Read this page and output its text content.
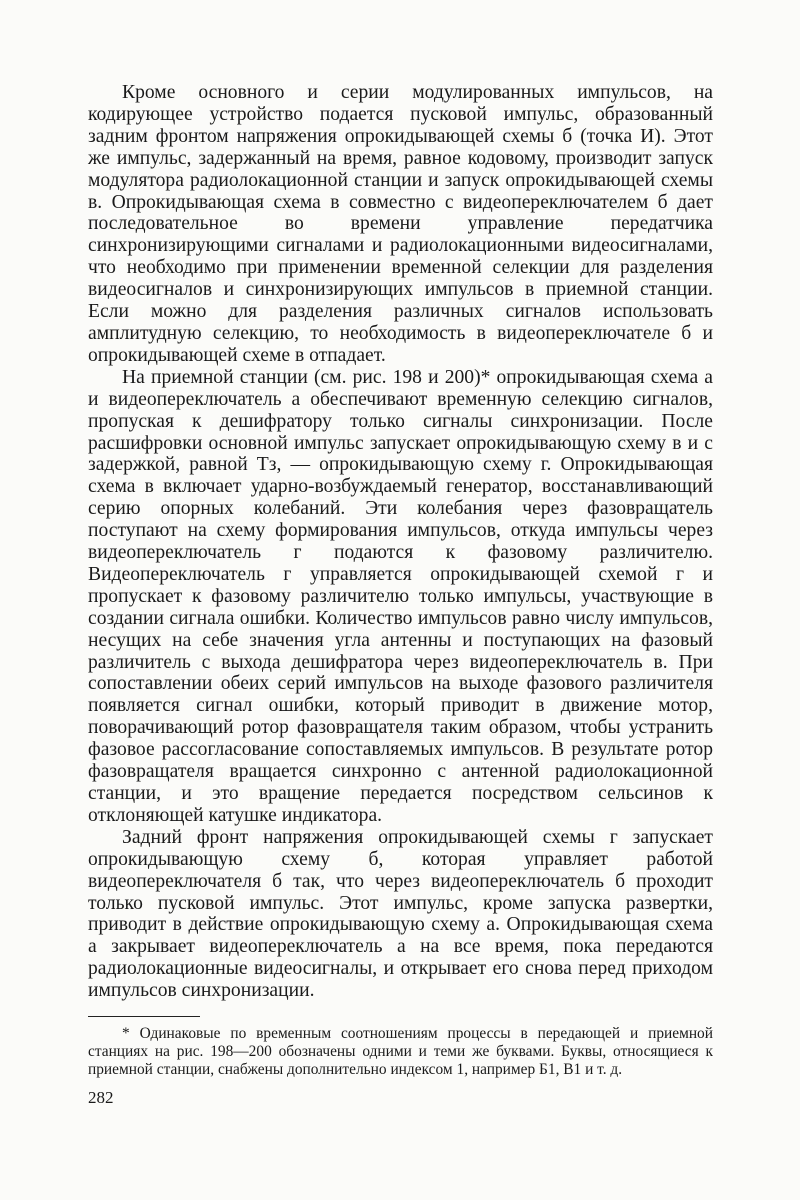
Кроме основного и серии модулированных импульсов, на кодирующее устройство подается пусковой импульс, образованный задним фронтом напряжения опрокидывающей схемы б (точка И). Этот же импульс, задержанный на время, равное кодовому, производит запуск модулятора радиолокационной станции и запуск опрокидывающей схемы в. Опрокидывающая схема в совместно с видеопереключателем б дает последовательное во времени управление передатчика синхронизирующими сигналами и радиолокационными видеосигналами, что необходимо при применении временной селекции для разделения видеосигналов и синхронизирующих импульсов в приемной станции. Если можно для разделения различных сигналов использовать амплитудную селекцию, то необходимость в видеопереключателе б и опрокидывающей схеме в отпадает.

На приемной станции (см. рис. 198 и 200)* опрокидывающая схема а и видеопереключатель а обеспечивают временную селекцию сигналов, пропуская к дешифратору только сигналы синхронизации. После расшифровки основной импульс запускает опрокидывающую схему в и с задержкой, равной Tз, — опрокидывающую схему г. Опрокидывающая схема в включает ударно-возбуждаемый генератор, восстанавливающий серию опорных колебаний. Эти колебания через фазовращатель поступают на схему формирования импульсов, откуда импульсы через видеопереключатель г подаются к фазовому различителю. Видеопереключатель г управляется опрокидывающей схемой г и пропускает к фазовому различителю только импульсы, участвующие в создании сигнала ошибки. Количество импульсов равно числу импульсов, несущих на себе значения угла антенны и поступающих на фазовый различитель с выхода дешифратора через видеопереключатель в. При сопоставлении обеих серий импульсов на выходе фазового различителя появляется сигнал ошибки, который приводит в движение мотор, поворачивающий ротор фазовращателя таким образом, чтобы устранить фазовое рассогласование сопоставляемых импульсов. В результате ротор фазовращателя вращается синхронно с антенной радиолокационной станции, и это вращение передается посредством сельсинов к отклоняющей катушке индикатора.

Задний фронт напряжения опрокидывающей схемы г запускает опрокидывающую схему б, которая управляет работой видеопереключателя б так, что через видеопереключатель б проходит только пусковой импульс. Этот импульс, кроме запуска развертки, приводит в действие опрокидывающую схему а. Опрокидывающая схема а закрывает видеопереключатель а на все время, пока передаются радиолокационные видеосигналы, и открывает его снова перед приходом импульсов синхронизации.

* Одинаковые по временным соотношениям процессы в передающей и приемной станциях на рис. 198—200 обозначены одними и теми же буквами. Буквы, относящиеся к приемной станции, снабжены дополнительно индексом 1, например Б1, В1 и т. д.

282
